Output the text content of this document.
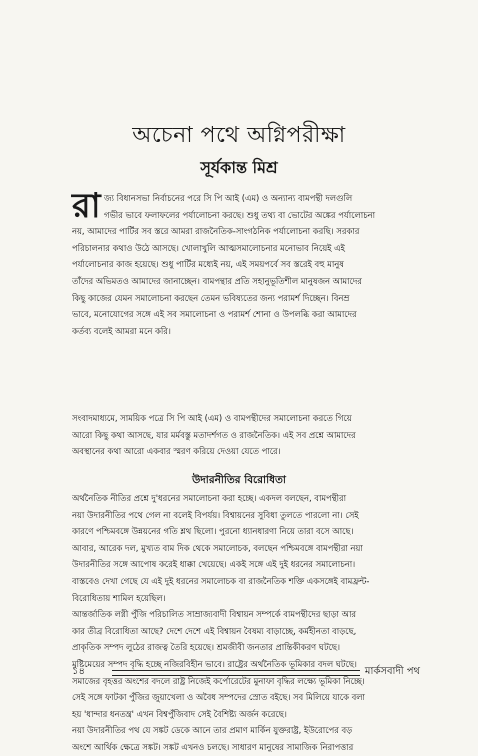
অচেনা পথে অগ্নিপরীক্ষা
সূর্যকান্ত মিশ্র
রা জ্য বিধানসভা নির্বাচনের পরে সি পি আই (এম) ও অন্যান্য বামপন্থী দলগুলি
গভীর ভাবে ফলাফলের পর্যালোচনা করছে। শুধু তথ্য বা ভোটের অঙ্কের পর্যালোচনা
নয়, আমাদের পার্টির সব স্তরে আমরা রাজনৈতিক-সাংগঠনিক পর্যালোচনা করছি। সরকার
পরিচালনার কথাও উঠে আসছে। খোলাখুলি আত্মসমালোচনার মনোভাব নিয়েই এই
পর্যালোচনার কাজ হয়েছে। শুধু পার্টির মধ্যেই নয়, এই সময়পর্বে সব স্তরেই বহু মানুষ
তাঁদের অভিমতও আমাদের জানাচ্ছেন। বামপন্থার প্রতি সহানুভূতিশীল মানুষজন আমাদের
কিছু কাজের যেমন সমালোচনা করছেন তেমন ভবিষ্যতের জন্য পরামর্শ দিচ্ছেন। বিনম্র
ভাবে, মনোযোগের সঙ্গে এই সব সমালোচনা ও পরামর্শ শোনা ও উপলব্ধি করা আমাদের
কর্তব্য বলেই আমরা মনে করি।
সংবাদমাধ্যমে, সাময়িক পত্রে সি পি আই (এম) ও বামপন্থীদের সমালোচনা করতে গিয়ে
আরো কিছু কথা আসছে, যার মর্মবস্তু মতাদর্শগত ও রাজনৈতিক। এই সব প্রশ্নে আমাদের
অবস্থানের কথা আরো একবার স্মরণ করিয়ে দেওয়া যেতে পারে।
উদারনীতির বিরোধিতা
অর্থনৈতিক নীতির প্রশ্নে দু'ধরনের সমালোচনা করা হচ্ছে। একদল বলছেন, বামপন্থীরা
নয়া উদারনীতির পথে গেল না বলেই বিপর্যয়। বিশ্বায়নের সুবিধা তুলতে পারলো না। সেই
কারণে পশ্চিমবঙ্গে উন্নয়নের গতি শ্লথ ছিলো। পুরনো ধ্যানধারণা নিয়ে তারা বসে আছে।
আবার, আরেক দল, মুখ্যত বাম দিক থেকে সমালোচক, বলছেন পশ্চিমবঙ্গে বামপন্থীরা নয়া
উদারনীতির সঙ্গে আপোষ করেই ধাক্কা খেয়েছে। একই সঙ্গে এই দুই ধরনের সমালোচনা।
বাস্তবেও দেখা গেছে যে এই দুই ধরনের সমালোচক বা রাজনৈতিক শক্তি একসঙ্গেই বামফ্রন্ট-
বিরোধিতায় শামিল হয়েছিল।
আন্তর্জাতিক লগ্নী পুঁজি পরিচালিত সাম্রাজ্যবাদী বিশ্বায়ন সম্পর্কে বামপন্থীদের ছাড়া আর
কার তীব্র বিরোধিতা আছে? দেশে দেশে এই বিশ্বায়ন বৈষম্য বাড়াচ্ছে, কর্মহীনতা বাড়ছে,
প্রাকৃতিক সম্পদ লুঠের রাজত্ব তৈরি হয়েছে। শ্রমজীবী জনতার প্রান্তিকীকরণ ঘটছে।
মুষ্টিমেয়ের সম্পদ বৃদ্ধি হচ্ছে নজিরবিহীন ভাবে। রাষ্ট্রের অর্থনৈতিক ভূমিকার বদল ঘটছে।
সমাজের বৃহত্তর অংশের বদলে রাষ্ট্র নিজেই কর্পোরেটের মুনাফা বৃদ্ধির লক্ষ্যে ভূমিকা নিচ্ছে।
সেই সঙ্গে ফাটকা পুঁজির জুয়াখেলা ও অবৈধ সম্পদের স্রোত বইছে। সব মিলিয়ে যাকে বলা
হয় 'ধান্দার ধনতন্ত্র' এখন বিশ্বপুঁজিবাদ সেই বৈশিষ্ট্য অর্জন করেছে।
নয়া উদারনীতির পথ যে সঙ্কট ডেকে আনে তার প্রমাণ মার্কিন যুক্তরাষ্ট্র, ইউরোপের বড়
অংশে আর্থিক ক্ষেত্রে সঙ্কট। সঙ্কট এখনও চলছে। সাধারণ মানুষের সামাজিক নিরাপত্তার
১৪	মার্কসবাদী পথ
